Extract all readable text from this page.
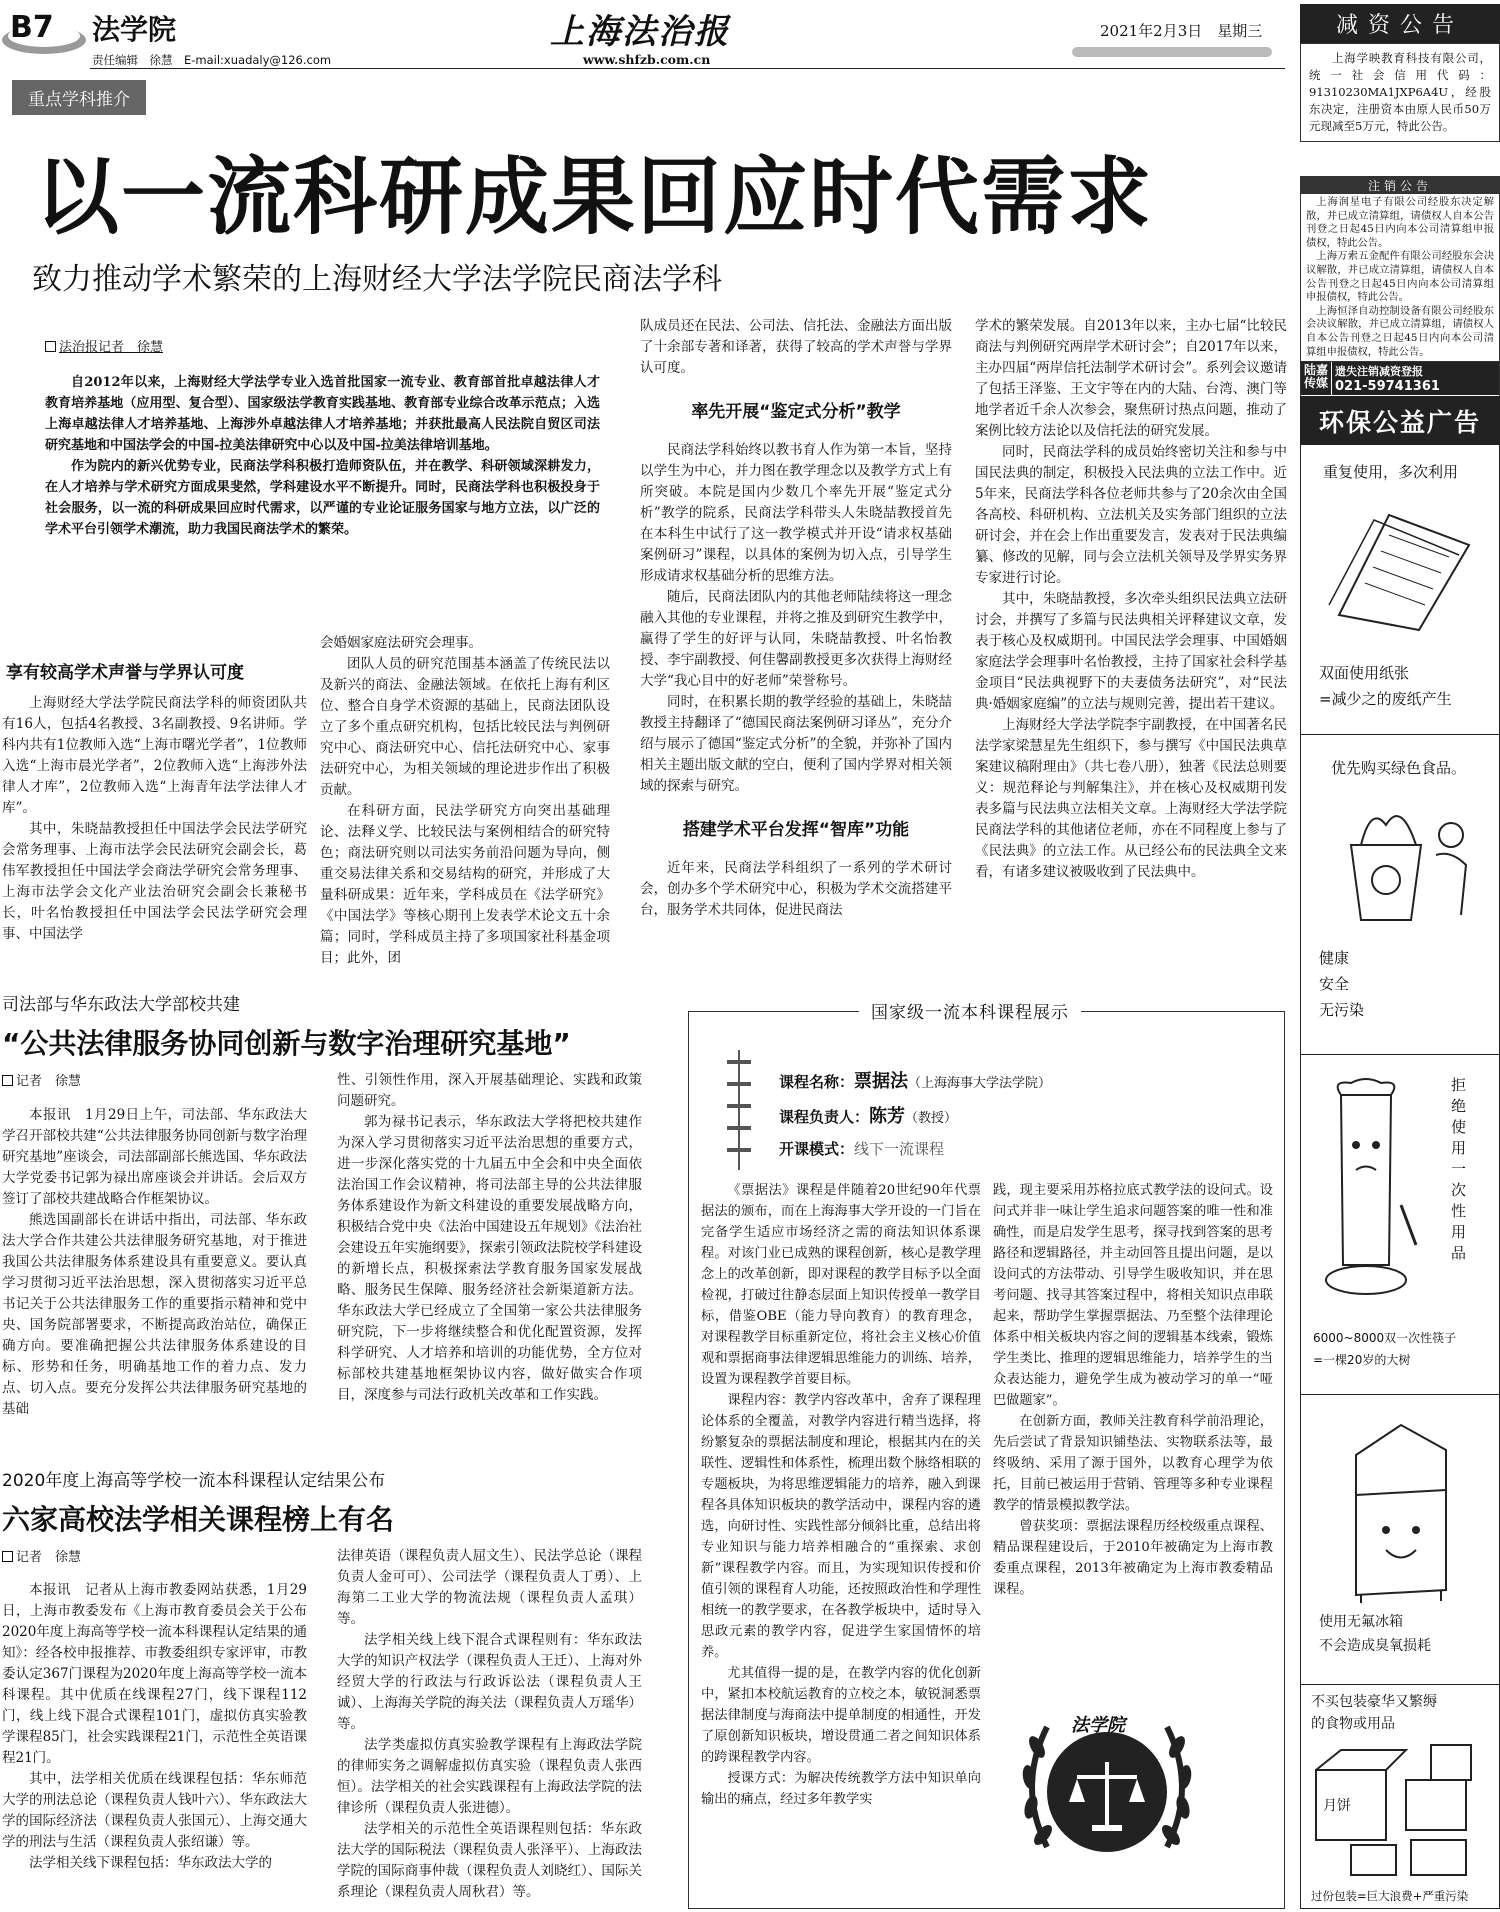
B7 法学院
责任编辑　徐慧　E-mail:xuadaly@126.com
上海法治报
www.shfzb.com.cn
2021年2月3日　星期三
重点学科推介
以一流科研成果回应时代需求
致力推动学术繁荣的上海财经大学法学院民商法学科
法治报记者　徐慧

自2012年以来，上海财经大学法学专业入选首批国家一流专业、教育部首批卓越法律人才教育培养基地（应用型、复合型）、国家级法学教育实践基地、教育部专业综合改革示范点；入选上海卓越法律人才培养基地、上海涉外卓越法律人才培养基地；并获批最高人民法院自贸区司法研究基地和中国法学会的中国-拉美法律研究中心以及中国-拉美法律培训基地。

作为院内的新兴优势专业，民商法学科积极打造师资队伍，并在教学、科研领域深耕发力，在人才培养与学术研究方面成果斐然，学科建设水平不断提升。同时，民商法学科也积极投身于社会服务，以一流的科研成果回应时代需求，以严谨的专业论证服务国家与地方立法，以广泛的学术平台引领学术潮流，助力我国民商法学术的繁荣。

享有较高学术声誉与学界认可度

上海财经大学法学院民商法学科的师资团队共有16人，包括4名教授、3名副教授、9名讲师。学科内共有1位教师入选“上海市曙光学者”，1位教师入选“上海市晨光学者”，2位教师入选“上海涉外法律人才库”，2位教师入选“上海青年法学法律人才库”。

其中，朱晓喆教授担任中国法学会民法学研究会常务理事、上海市法学会民法研究会副会长，葛伟军教授担任中国法学会商法学研究会常务理事、上海市法学会文化产业法治研究会副会长兼秘书长，叶名怡教授担任中国法学会民法学研究会理事、中国法学

会婚姻家庭法研究会理事。

团队人员的研究范围基本涵盖了传统民法以及新兴的商法、金融法领域。在依托上海有利区位、整合自身学术资源的基础上，民商法团队设立了多个重点研究机构，包括比较民法与判例研究中心、商法研究中心、信托法研究中心、家事法研究中心，为相关领域的理论进步作出了积极贡献。

在科研方面，民法学研究方向突出基础理论、法释义学、比较民法与案例相结合的研究特色；商法研究则以司法实务前沿问题为导向，侧重交易法律关系和交易结构的研究，并形成了大量科研成果：近年来，学科成员在《法学研究》《中国法学》等核心期刊上发表学术论文五十余篇；同时，学科成员主持了多项国家社科基金项目；此外，团

队成员还在民法、公司法、信托法、金融法方面出版了十余部专著和译著，获得了较高的学术声誉与学界认可度。

率先开展“鉴定式分析”教学

民商法学科始终以教书育人作为第一本旨，坚持以学生为中心，并力图在教学理念以及教学方式上有所突破。本院是国内少数几个率先开展“鉴定式分析”教学的院系，民商法学科带头人朱晓喆教授首先在本科生中试行了这一教学模式并开设“请求权基础案例研习”课程，以具体的案例为切入点，引导学生形成请求权基础分析的思维方法。

随后，民商法团队内的其他老师陆续将这一理念融入其他的专业课程，并将之推及到研究生教学中，赢得了学生的好评与认同，朱晓喆教授、叶名怡教授、李宇副教授、何佳馨副教授更多次获得上海财经大学“我心目中的好老师”荣誉称号。

同时，在积累长期的教学经验的基础上，朱晓喆教授主持翻译了“德国民商法案例研习译丛”，充分介绍与展示了德国“鉴定式分析”的全貌，并弥补了国内相关主题出版文献的空白，便利了国内学界对相关领域的探索与研究。

搭建学术平台发挥“智库”功能

近年来，民商法学科组织了一系列的学术研讨会，创办多个学术研究中心，积极为学术交流搭建平台，服务学术共同体，促进民商法

学术的繁荣发展。自2013年以来，主办七届“比较民商法与判例研究两岸学术研讨会”；自2017年以来，主办四届“两岸信托法制学术研讨会”。系列会议邀请了包括王泽鉴、王文宇等在内的大陆、台湾、澳门等地学者近千余人次参会，聚焦研讨热点问题，推动了案例比较方法论以及信托法的研究发展。

同时，民商法学科的成员始终密切关注和参与中国民法典的制定，积极投入民法典的立法工作中。近5年来，民商法学科各位老师共参与了20余次由全国各高校、科研机构、立法机关及实务部门组织的立法研讨会，并在会上作出重要发言，发表对于民法典编纂、修改的见解，同与会立法机关领导及学界实务界专家进行讨论。

其中，朱晓喆教授，多次牵头组织民法典立法研讨会，并撰写了多篇与民法典相关评释建议文章，发表于核心及权威期刊。中国民法学会理事、中国婚姻家庭法学会理事叶名怡教授，主持了国家社会科学基金项目“民法典视野下的夫妻债务法研究”，对“民法典·婚姻家庭编”的立法与规则完善，提出若干建议。

上海财经大学法学院李宇副教授，在中国著名民法学家梁慧星先生组织下，参与撰写《中国民法典草案建议稿附理由》（共七卷八册），独著《民法总则要义：规范释论与判解集注》，并在核心及权威期刊发表多篇与民法典立法相关文章。上海财经大学法学院民商法学科的其他诸位老师，亦在不同程度上参与了《民法典》的立法工作。从已经公布的民法典全文来看，有诸多建议被吸收到了民法典中。

司法部与华东政法大学部校共建
“公共法律服务协同创新与数字治理研究基地”
记者　徐慧

本报讯　1月29日上午，司法部、华东政法大学召开部校共建“公共法律服务协同创新与数字治理研究基地”座谈会，司法部副部长熊选国、华东政法大学党委书记郭为禄出席座谈会并讲话。会后双方签订了部校共建战略合作框架协议。

熊选国副部长在讲话中指出，司法部、华东政法大学合作共建公共法律服务研究基地，对于推进我国公共法律服务体系建设具有重要意义。要认真学习贯彻习近平法治思想，深入贯彻落实习近平总书记关于公共法律服务工作的重要指示精神和党中央、国务院部署要求，不断提高政治站位，确保正确方向。要准确把握公共法律服务体系建设的目标、形势和任务，明确基地工作的着力点、发力点、切入点。要充分发挥公共法律服务研究基地的基础

性、引领性作用，深入开展基础理论、实践和政策问题研究。

郭为禄书记表示，华东政法大学将把校共建作为深入学习贯彻落实习近平法治思想的重要方式，进一步深化落实党的十九届五中全会和中央全面依法治国工作会议精神，将司法部主导的公共法律服务体系建设作为新文科建设的重要发展战略方向，积极结合党中央《法治中国建设五年规划》《法治社会建设五年实施纲要》，探索引领政法院校学科建设的新增长点，积极探索法学教育服务国家发展战略、服务民生保障、服务经济社会新渠道新方法。华东政法大学已经成立了全国第一家公共法律服务研究院，下一步将继续整合和优化配置资源，发挥科学研究、人才培养和培训的功能优势，全方位对标部校共建基地框架协议内容，做好做实合作项目，深度参与司法行政机关改革和工作实践。

2020年度上海高等学校一流本科课程认定结果公布
六家高校法学相关课程榜上有名
记者　徐慧

本报讯　记者从上海市教委网站获悉，1月29日，上海市教委发布《上海市教育委员会关于公布2020年度上海高等学校一流本科课程认定结果的通知》：经各校申报推荐、市教委组织专家评审，市教委认定367门课程为2020年度上海高等学校一流本科课程。其中优质在线课程27门，线下课程112门，线上线下混合式课程101门，虚拟仿真实验教学课程85门，社会实践课程21门，示范性全英语课程21门。

其中，法学相关优质在线课程包括：华东师范大学的刑法总论（课程负责人钱叶六）、华东政法大学的国际经济法（课程负责人张国元）、上海交通大学的刑法与生活（课程负责人张绍谦）等。

法学相关线下课程包括：华东政法大学的

法律英语（课程负责人屈文生）、民法学总论（课程负责人金可可）、公司法学（课程负责人丁勇）、上海第二工业大学的物流法规（课程负责人孟琪）等。

法学相关线上线下混合式课程则有：华东政法大学的知识产权法学（课程负责人王迁）、上海对外经贸大学的行政法与行政诉讼法（课程负责人王诚）、上海海关学院的海关法（课程负责人万瑶华）等。

法学类虚拟仿真实验教学课程有上海政法学院的律师实务之调解虚拟仿真实验（课程负责人张西恒）。法学相关的社会实践课程有上海政法学院的法律诊所（课程负责人张进德）。

法学相关的示范性全英语课程则包括：华东政法大学的国际税法（课程负责人张泽平）、上海政法学院的国际商事仲裁（课程负责人刘晓红）、国际关系理论（课程负责人周秋君）等。

国家级一流本科课程展示
课程名称：票据法（上海海事大学法学院）
课程负责人：陈芳（教授）
开课模式：线下一流课程

《票据法》课程是伴随着20世纪90年代票据法的颁布，而在上海海事大学开设的一门旨在完备学生适应市场经济之需的商法知识体系课程。对该门业已成熟的课程创新，核心是教学理念上的改革创新，即对课程的教学目标予以全面检视，打破过往静态层面上知识传授单一教学目标，借鉴OBE（能力导向教育）的教育理念，对课程教学目标重新定位，将社会主义核心价值观和票据商事法律逻辑思维能力的训练、培养，设置为课程教学首要目标。

课程内容：教学内容改革中，舍弃了课程理论体系的全覆盖，对教学内容进行精当选择，将纷繁复杂的票据法制度和理论，根据其内在的关联性、逻辑性和体系性，梳理出数个脉络相联的专题板块，为将思维逻辑能力的培养，融入到课程各具体知识板块的教学活动中，课程内容的遴选，向研讨性、实践性部分倾斜比重，总结出将专业知识与能力培养相融合的“重探索、求创新”课程教学内容。而且，为实现知识传授和价值引领的课程育人功能，还按照政治性和学理性相统一的教学要求，在各教学板块中，适时导入思政元素的教学内容，促进学生家国情怀的培养。

尤其值得一提的是，在教学内容的优化创新中，紧扣本校航运教育的立校之本，敏锐洞悉票据法律制度与海商法中提单制度的相通性，开发了原创新知识板块，增设贯通二者之间知识体系的跨课程教学内容。

授课方式：为解决传统教学方法中知识单向输出的痛点，经过多年教学实

践，现主要采用苏格拉底式教学法的设问式。设问式并非一味让学生追求问题答案的唯一性和准确性，而是启发学生思考，探寻找到答案的思考路径和逻辑路径，并主动回答且提出问题，是以设问式的方法带动、引导学生吸收知识，并在思考问题、找寻其答案过程中，将相关知识点串联起来，帮助学生掌握票据法、乃至整个法律理论体系中相关板块内容之间的逻辑基本线索，锻炼学生类比、推理的逻辑思维能力，培养学生的当众表达能力，避免学生成为被动学习的单一“哑巴做题家”。

在创新方面，教师关注教育科学前沿理论，先后尝试了背景知识铺垫法、实物联系法等，最终吸纳、采用了源于国外，以教育心理学为依托，目前已被运用于营销、管理等多种专业课程教学的情景模拟教学法。

曾获奖项：票据法课程历经校级重点课程、精品课程建设后，于2010年被确定为上海市教委重点课程，2013年被确定为上海市教委精品课程。

法学院
减资公告
上海学映教育科技有限公司，统一社会信用代码：91310230MA1JXP6A4U，经股东决定，注册资本由原人民币50万元现减至5万元，特此公告。
注销公告

上海润星电子有限公司经股东决定解散，并已成立清算组，请债权人自本公告刊登之日起45日内向本公司清算组申报债权，特此公告。

上海万索五金配件有限公司经股东会决议解散，并已成立清算组，请债权人自本公告刊登之日起45日内向本公司清算组申报债权，特此公告。

上海恒泽自动控制设备有限公司经股东会决议解散，并已成立清算组，请债权人自本公告刊登之日起45日内向本公司清算组申报债权，特此公告。

陆嘉
传媒
遗失注销减资登报
021-59741361
环保公益广告
重复使用，多次利用
双面使用纸张
=减少之的废纸产生
优先购买绿色食品。
健康
安全
无污染
拒
绝
使
用
一
次
性
用
品
6000~8000双一次性筷子
=一棵20岁的大树
使用无氟冰箱
不会造成臭氧损耗
不买包装豪华又繁缛
的食物或用品
月饼
过份包装=巨大浪费+严重污染
